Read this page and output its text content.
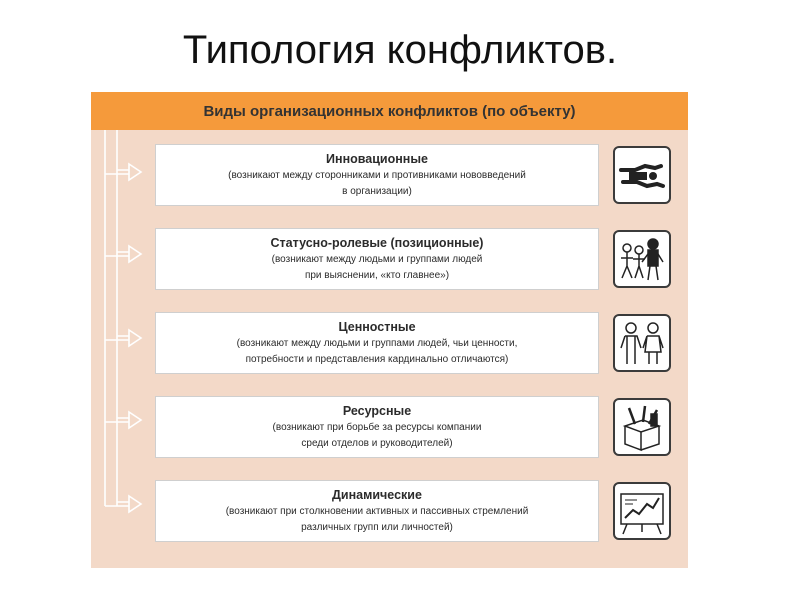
Типология конфликтов.
Виды организационных конфликтов (по объекту)
Инновационные
(возникают между сторонниками и противниками нововведений
в организации)
Статусно-ролевые (позиционные)
(возникают между людьми и группами людей
при выяснении, «кто главнее»)
Ценностные
(возникают между людьми и группами людей, чьи ценности,
потребности и представления кардинально отличаются)
Ресурсные
(возникают при борьбе за ресурсы компании
среди отделов и руководителей)
Динамические
(возникают при столкновении активных и пассивных стремлений
различных групп или личностей)
